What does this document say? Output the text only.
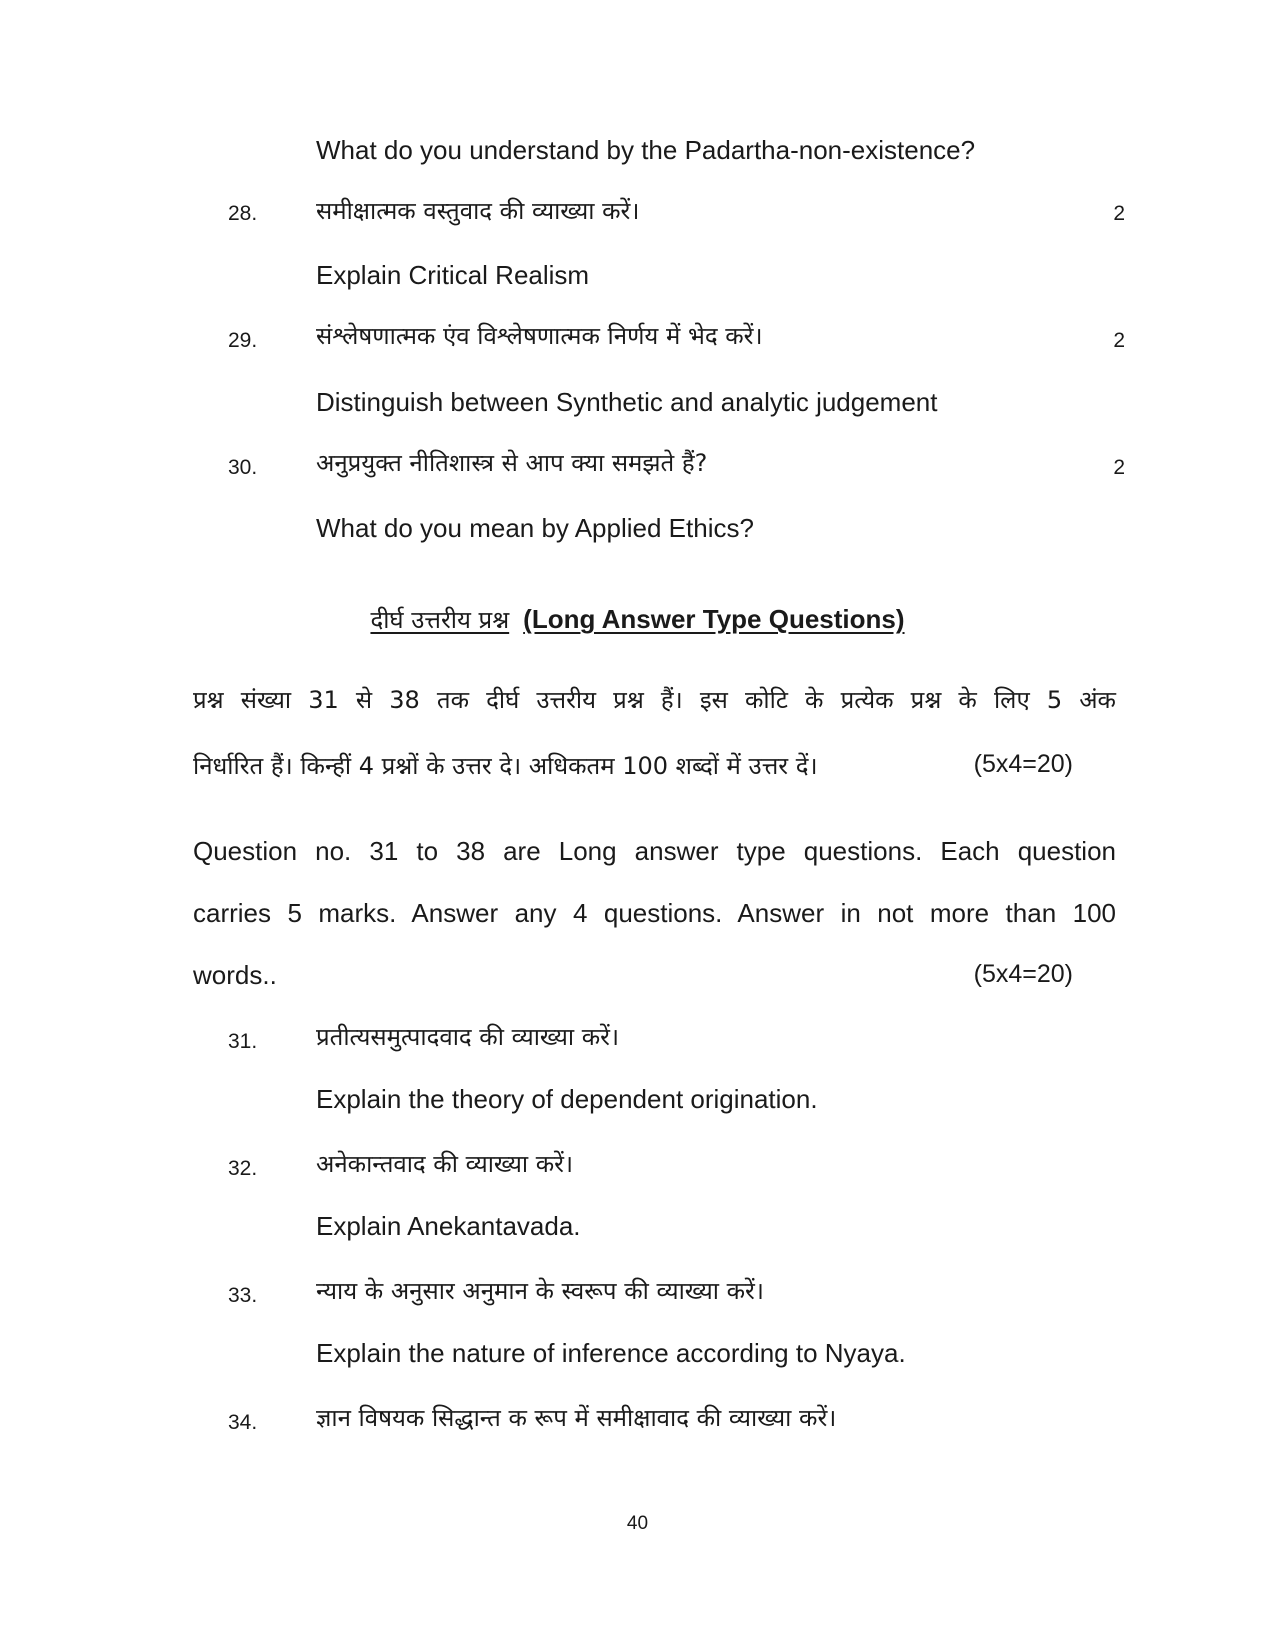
What do you understand by the Padartha-non-existence?
28. समीक्षात्मक वस्तुवाद की व्याख्या करें।	2
Explain Critical Realism
29. संश्लेषणात्मक एंव विश्लेषणात्मक निर्णय में भेद करें।	2
Distinguish between Synthetic and analytic judgement
30. अनुप्रयुक्त नीतिशास्त्र से आप क्या समझते हैं?	2
What do you mean by Applied Ethics?
दीर्घ उत्तरीय प्रश्न (Long Answer Type Questions)
प्रश्न संख्या 31 से 38 तक दीर्घ उत्तरीय प्रश्न हैं। इस कोटि के प्रत्येक प्रश्न के लिए 5 अंक
निर्धारित हैं। किन्हीं 4 प्रश्नों के उत्तर दे। अधिकतम 100 शब्दों में उत्तर दें।	(5x4=20)
Question no. 31 to 38 are Long answer type questions. Each question
carries 5 marks. Answer any 4 questions. Answer in not more than 100
words..	(5x4=20)
31. प्रतीत्यसमुत्पादवाद की व्याख्या करें।
Explain the theory of dependent origination.
32. अनेकान्तवाद की व्याख्या करें।
Explain Anekantavada.
33. न्याय के अनुसार अनुमान के स्वरूप की व्याख्या करें।
Explain the nature of inference according to Nyaya.
34. ज्ञान विषयक सिद्धान्त क रूप में समीक्षावाद की व्याख्या करें।
40
